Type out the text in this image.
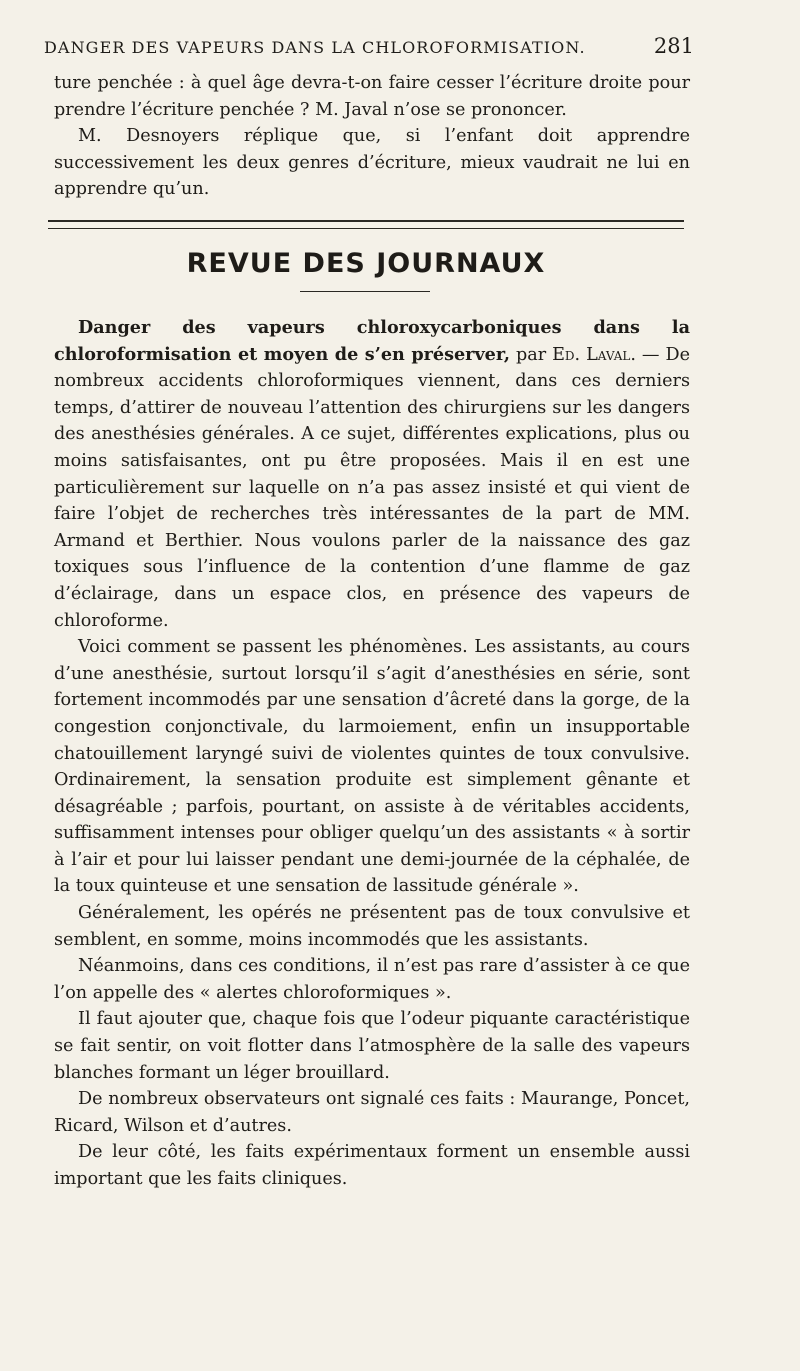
DANGER DES VAPEURS DANS LA CHLOROFORMISATION.	281

ture penchée : à quel âge devra-t-on faire cesser l’écriture droite pour prendre l’écriture penchée ? M. Javal n’ose se prononcer.

M. Desnoyers réplique que, si l’enfant doit apprendre successivement les deux genres d’écriture, mieux vaudrait ne lui en apprendre qu’un.

REVUE DES JOURNAUX

Danger des vapeurs chloroxycarboniques dans la chloroformisation et moyen de s’en préserver, par Ed. Laval. — De nombreux accidents chloroformiques viennent, dans ces derniers temps, d’attirer de nouveau l’attention des chirurgiens sur les dangers des anesthésies générales. A ce sujet, différentes explications, plus ou moins satisfaisantes, ont pu être proposées. Mais il en est une particulièrement sur laquelle on n’a pas assez insisté et qui vient de faire l’objet de recherches très intéressantes de la part de MM. Armand et Berthier. Nous voulons parler de la naissance des gaz toxiques sous l’influence de la contention d’une flamme de gaz d’éclairage, dans un espace clos, en présence des vapeurs de chloroforme.

Voici comment se passent les phénomènes. Les assistants, au cours d’une anesthésie, surtout lorsqu’il s’agit d’anesthésies en série, sont fortement incommodés par une sensation d’âcreté dans la gorge, de la congestion conjonctivale, du larmoiement, enfin un insupportable chatouillement laryngé suivi de violentes quintes de toux convulsive. Ordinairement, la sensation produite est simplement gênante et désagréable ; parfois, pourtant, on assiste à de véritables accidents, suffisamment intenses pour obliger quelqu’un des assistants « à sortir à l’air et pour lui laisser pendant une demi-journée de la céphalée, de la toux quinteuse et une sensation de lassitude générale ».

Généralement, les opérés ne présentent pas de toux convulsive et semblent, en somme, moins incommodés que les assistants.

Néanmoins, dans ces conditions, il n’est pas rare d’assister à ce que l’on appelle des « alertes chloroformiques ».

Il faut ajouter que, chaque fois que l’odeur piquante caractéristique se fait sentir, on voit flotter dans l’atmosphère de la salle des vapeurs blanches formant un léger brouillard.

De nombreux observateurs ont signalé ces faits : Maurange, Poncet, Ricard, Wilson et d’autres.

De leur côté, les faits expérimentaux forment un ensemble aussi important que les faits cliniques.
